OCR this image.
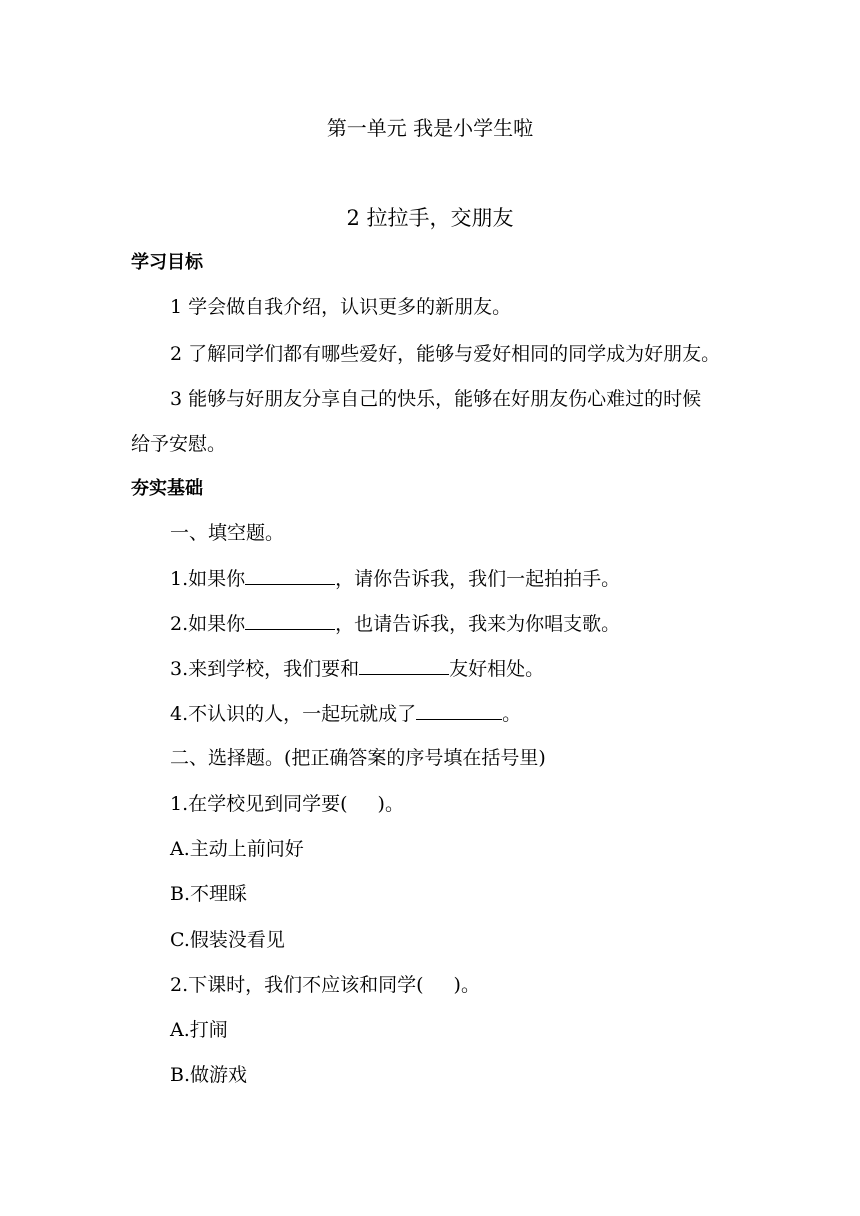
第一单元 我是小学生啦
2 拉拉手，交朋友
学习目标
1 学会做自我介绍，认识更多的新朋友。
2 了解同学们都有哪些爱好，能够与爱好相同的同学成为好朋友。
3 能够与好朋友分享自己的快乐，能够在好朋友伤心难过的时候
给予安慰。
夯实基础
一、填空题。
1.如果你	，请你告诉我，我们一起拍拍手。
2.如果你	，也请告诉我，我来为你唱支歌。
3.来到学校，我们要和	友好相处。
4.不认识的人，一起玩就成了	。
二、选择题。(把正确答案的序号填在括号里)
1.在学校见到同学要( )。
A.主动上前问好
B.不理睬
C.假装没看见
2.下课时，我们不应该和同学( )。
A.打闹
B.做游戏
